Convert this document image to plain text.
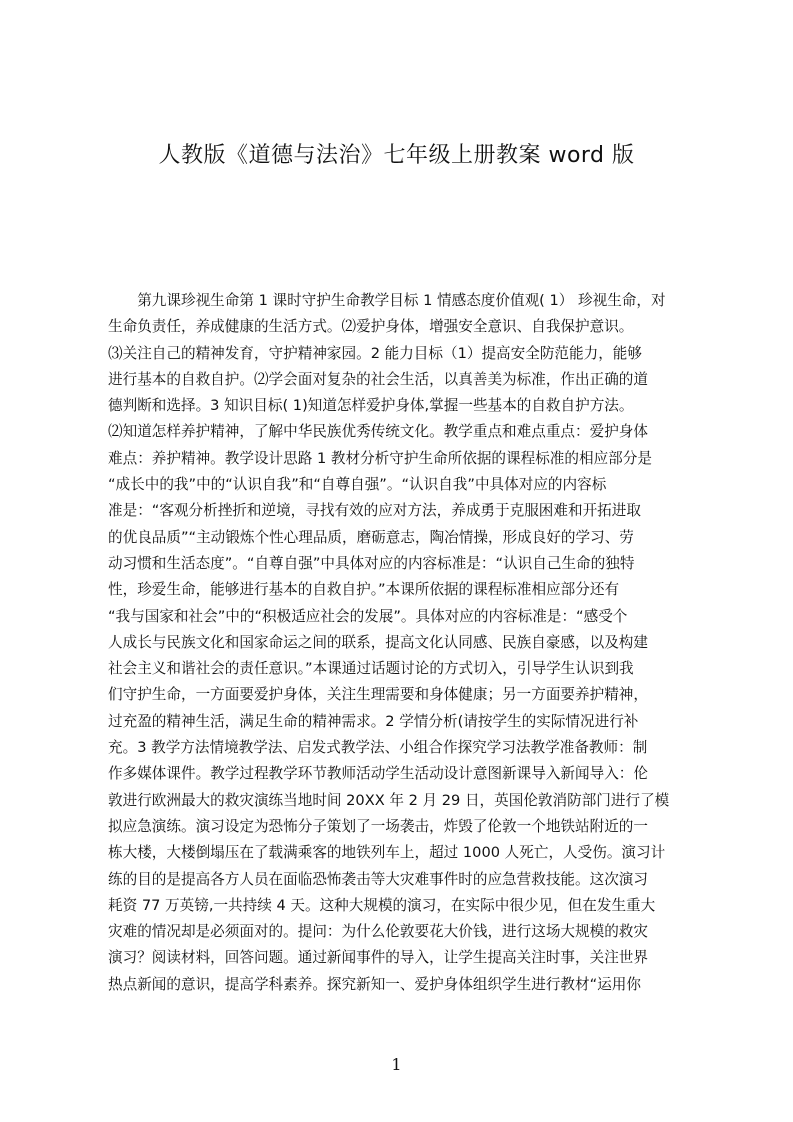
人教版《道德与法治》七年级上册教案 word 版
　　第九课珍视生命第 1 课时守护生命教学目标 1 情感态度价值观( 1） 珍视生命，对
生命负责任，养成健康的生活方式。⑵爱护身体，增强安全意识、自我保护意识。
⑶关注自己的精神发育，守护精神家园。2 能力目标（1）提高安全防范能力，能够
进行基本的自救自护。⑵学会面对复杂的社会生活，以真善美为标准，作出正确的道
德判断和选择。3 知识目标( 1)知道怎样爱护身体,掌握一些基本的自救自护方法。
⑵知道怎样养护精神，了解中华民族优秀传统文化。教学重点和难点重点：爱护身体
难点：养护精神。教学设计思路 1 教材分析守护生命所依据的课程标准的相应部分是
“成长中的我”中的“认识自我”和“自尊自强”。“认识自我”中具体对应的内容标
准是：“客观分析挫折和逆境，寻找有效的应对方法，养成勇于克服困难和开拓进取
的优良品质”“主动锻炼个性心理品质，磨砺意志，陶冶情操，形成良好的学习、劳
动习惯和生活态度”。“自尊自强”中具体对应的内容标准是：“认识自己生命的独特
性，珍爱生命，能够进行基本的自救自护。”本课所依据的课程标准相应部分还有
“我与国家和社会”中的“积极适应社会的发展”。具体对应的内容标准是：“感受个
人成长与民族文化和国家命运之间的联系，提高文化认同感、民族自豪感，以及构建
社会主义和谐社会的责任意识。”本课通过话题讨论的方式切入，引导学生认识到我
们守护生命，一方面要爱护身体，关注生理需要和身体健康；另一方面要养护精神，
过充盈的精神生活，满足生命的精神需求。2 学情分析(请按学生的实际情况进行补
充。3 教学方法情境教学法、启发式教学法、小组合作探究学习法教学准备教师：制
作多媒体课件。教学过程教学环节教师活动学生活动设计意图新课导入新闻导入：伦
敦进行欧洲最大的救灾演练当地时间 20XX 年 2 月 29 日，英国伦敦消防部门进行了模
拟应急演练。演习设定为恐怖分子策划了一场袭击，炸毁了伦敦一个地铁站附近的一
栋大楼，大楼倒塌压在了载满乘客的地铁列车上，超过 1000 人死亡，人受伤。演习计
练的目的是提高各方人员在面临恐怖袭击等大灾难事件时的应急营救技能。这次演习
耗资 77 万英镑,一共持续 4 天。这种大规模的演习，在实际中很少见，但在发生重大
灾难的情况却是必须面对的。提问：为什么伦敦要花大价钱，进行这场大规模的救灾
演习？阅读材料，回答问题。通过新闻事件的导入，让学生提高关注时事，关注世界
热点新闻的意识，提高学科素养。探究新知一、爱护身体组织学生进行教材“运用你
1
